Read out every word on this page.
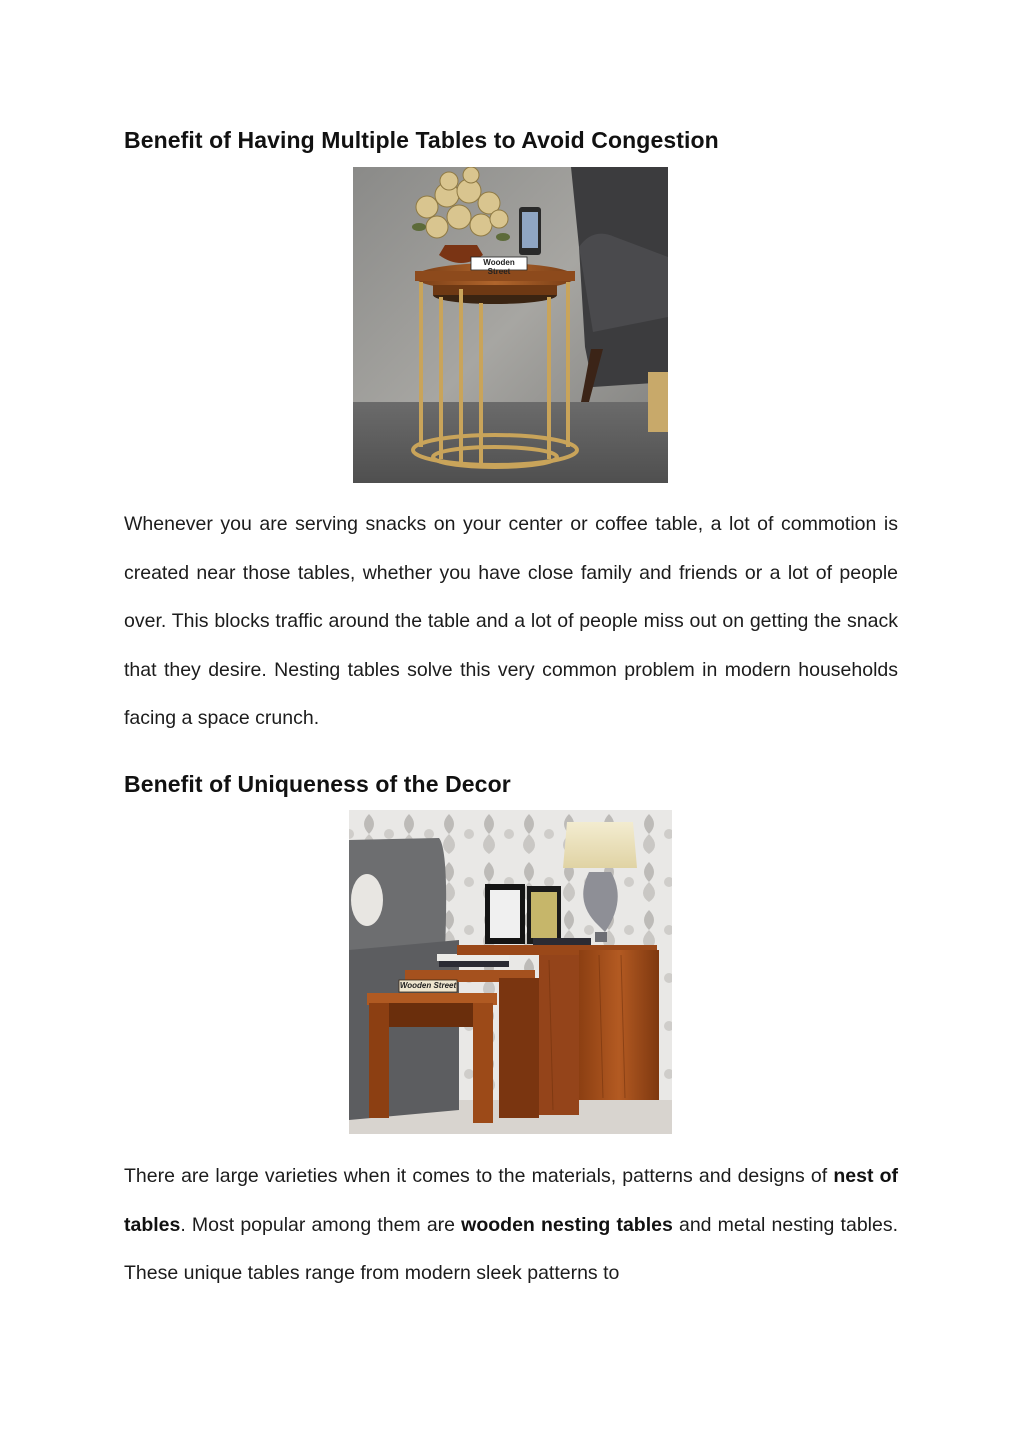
Benefit of Having Multiple Tables to Avoid Congestion
Wooden Street

Whenever you are serving snacks on your center or coffee table, a lot of commotion is created near those tables, whether you have close family and friends or a lot of people over. This blocks traffic around the table and a lot of people miss out on getting the snack that they desire. Nesting tables solve this very common problem in modern households facing a space crunch.

Benefit of Uniqueness of the Decor
Wooden Street

There are large varieties when it comes to the materials, patterns and designs of nest of tables. Most popular among them are wooden nesting tables and metal nesting tables. These unique tables range from modern sleek patterns to
